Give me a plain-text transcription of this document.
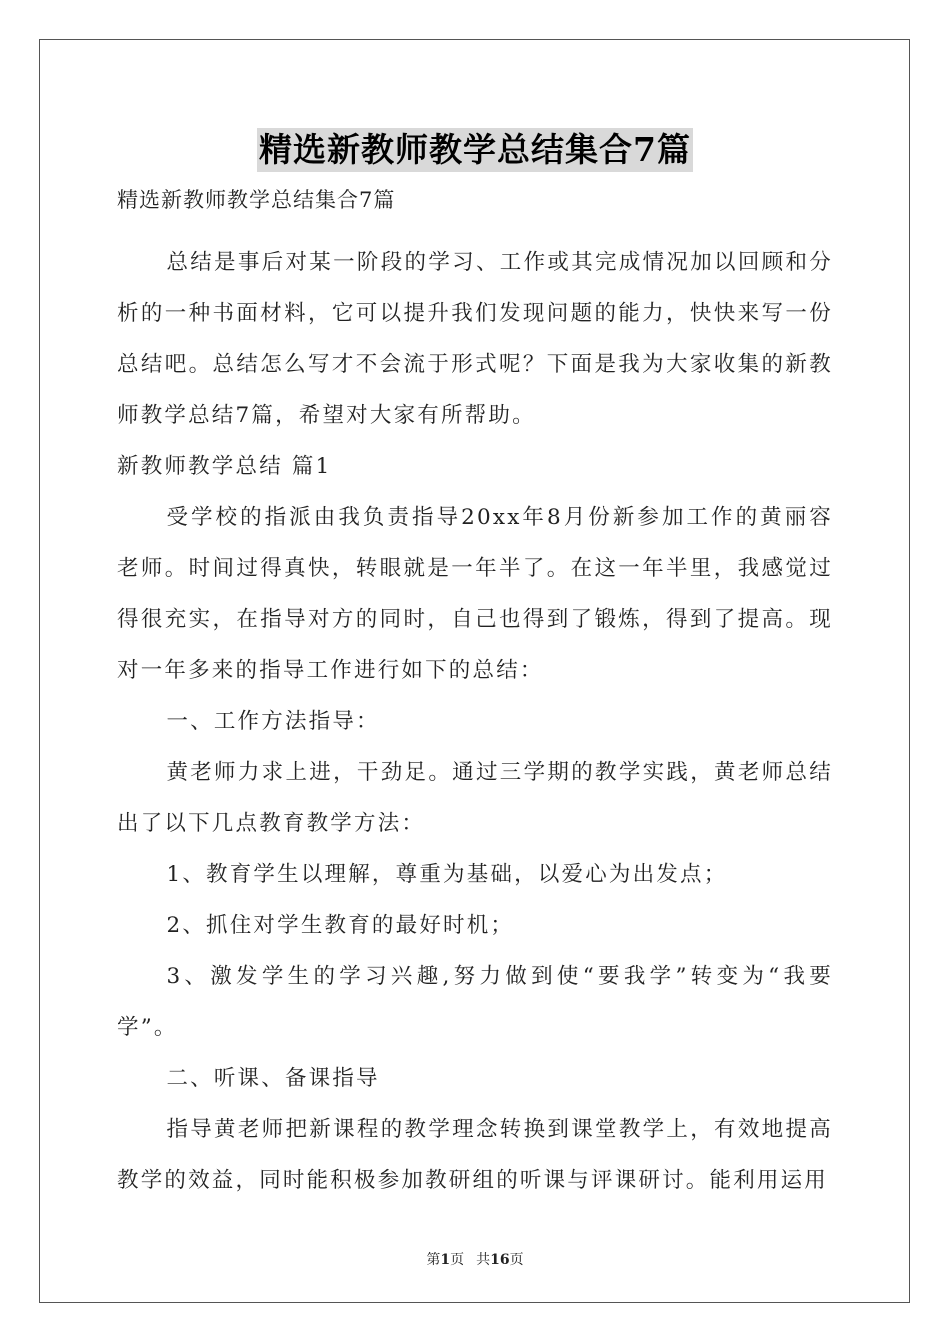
精选新教师教学总结集合7篇

精选新教师教学总结集合7篇

总结是事后对某一阶段的学习、工作或其完成情况加以回顾和分析的一种书面材料，它可以提升我们发现问题的能力，快快来写一份总结吧。总结怎么写才不会流于形式呢？下面是我为大家收集的新教师教学总结7篇，希望对大家有所帮助。

新教师教学总结 篇1

受学校的指派由我负责指导20xx年8月份新参加工作的黄丽容老师。时间过得真快，转眼就是一年半了。在这一年半里，我感觉过得很充实，在指导对方的同时，自己也得到了锻炼，得到了提高。现对一年多来的指导工作进行如下的总结：

一、工作方法指导：

黄老师力求上进，干劲足。通过三学期的教学实践，黄老师总结出了以下几点教育教学方法：

1、教育学生以理解，尊重为基础，以爱心为出发点；

2、抓住对学生教育的最好时机；

3、激发学生的学习兴趣,努力做到使“要我学”转变为“我要学”。

二、听课、备课指导

指导黄老师把新课程的教学理念转换到课堂教学上，有效地提高教学的效益，同时能积极参加教研组的听课与评课研讨。能利用运用

第1页 共16页
